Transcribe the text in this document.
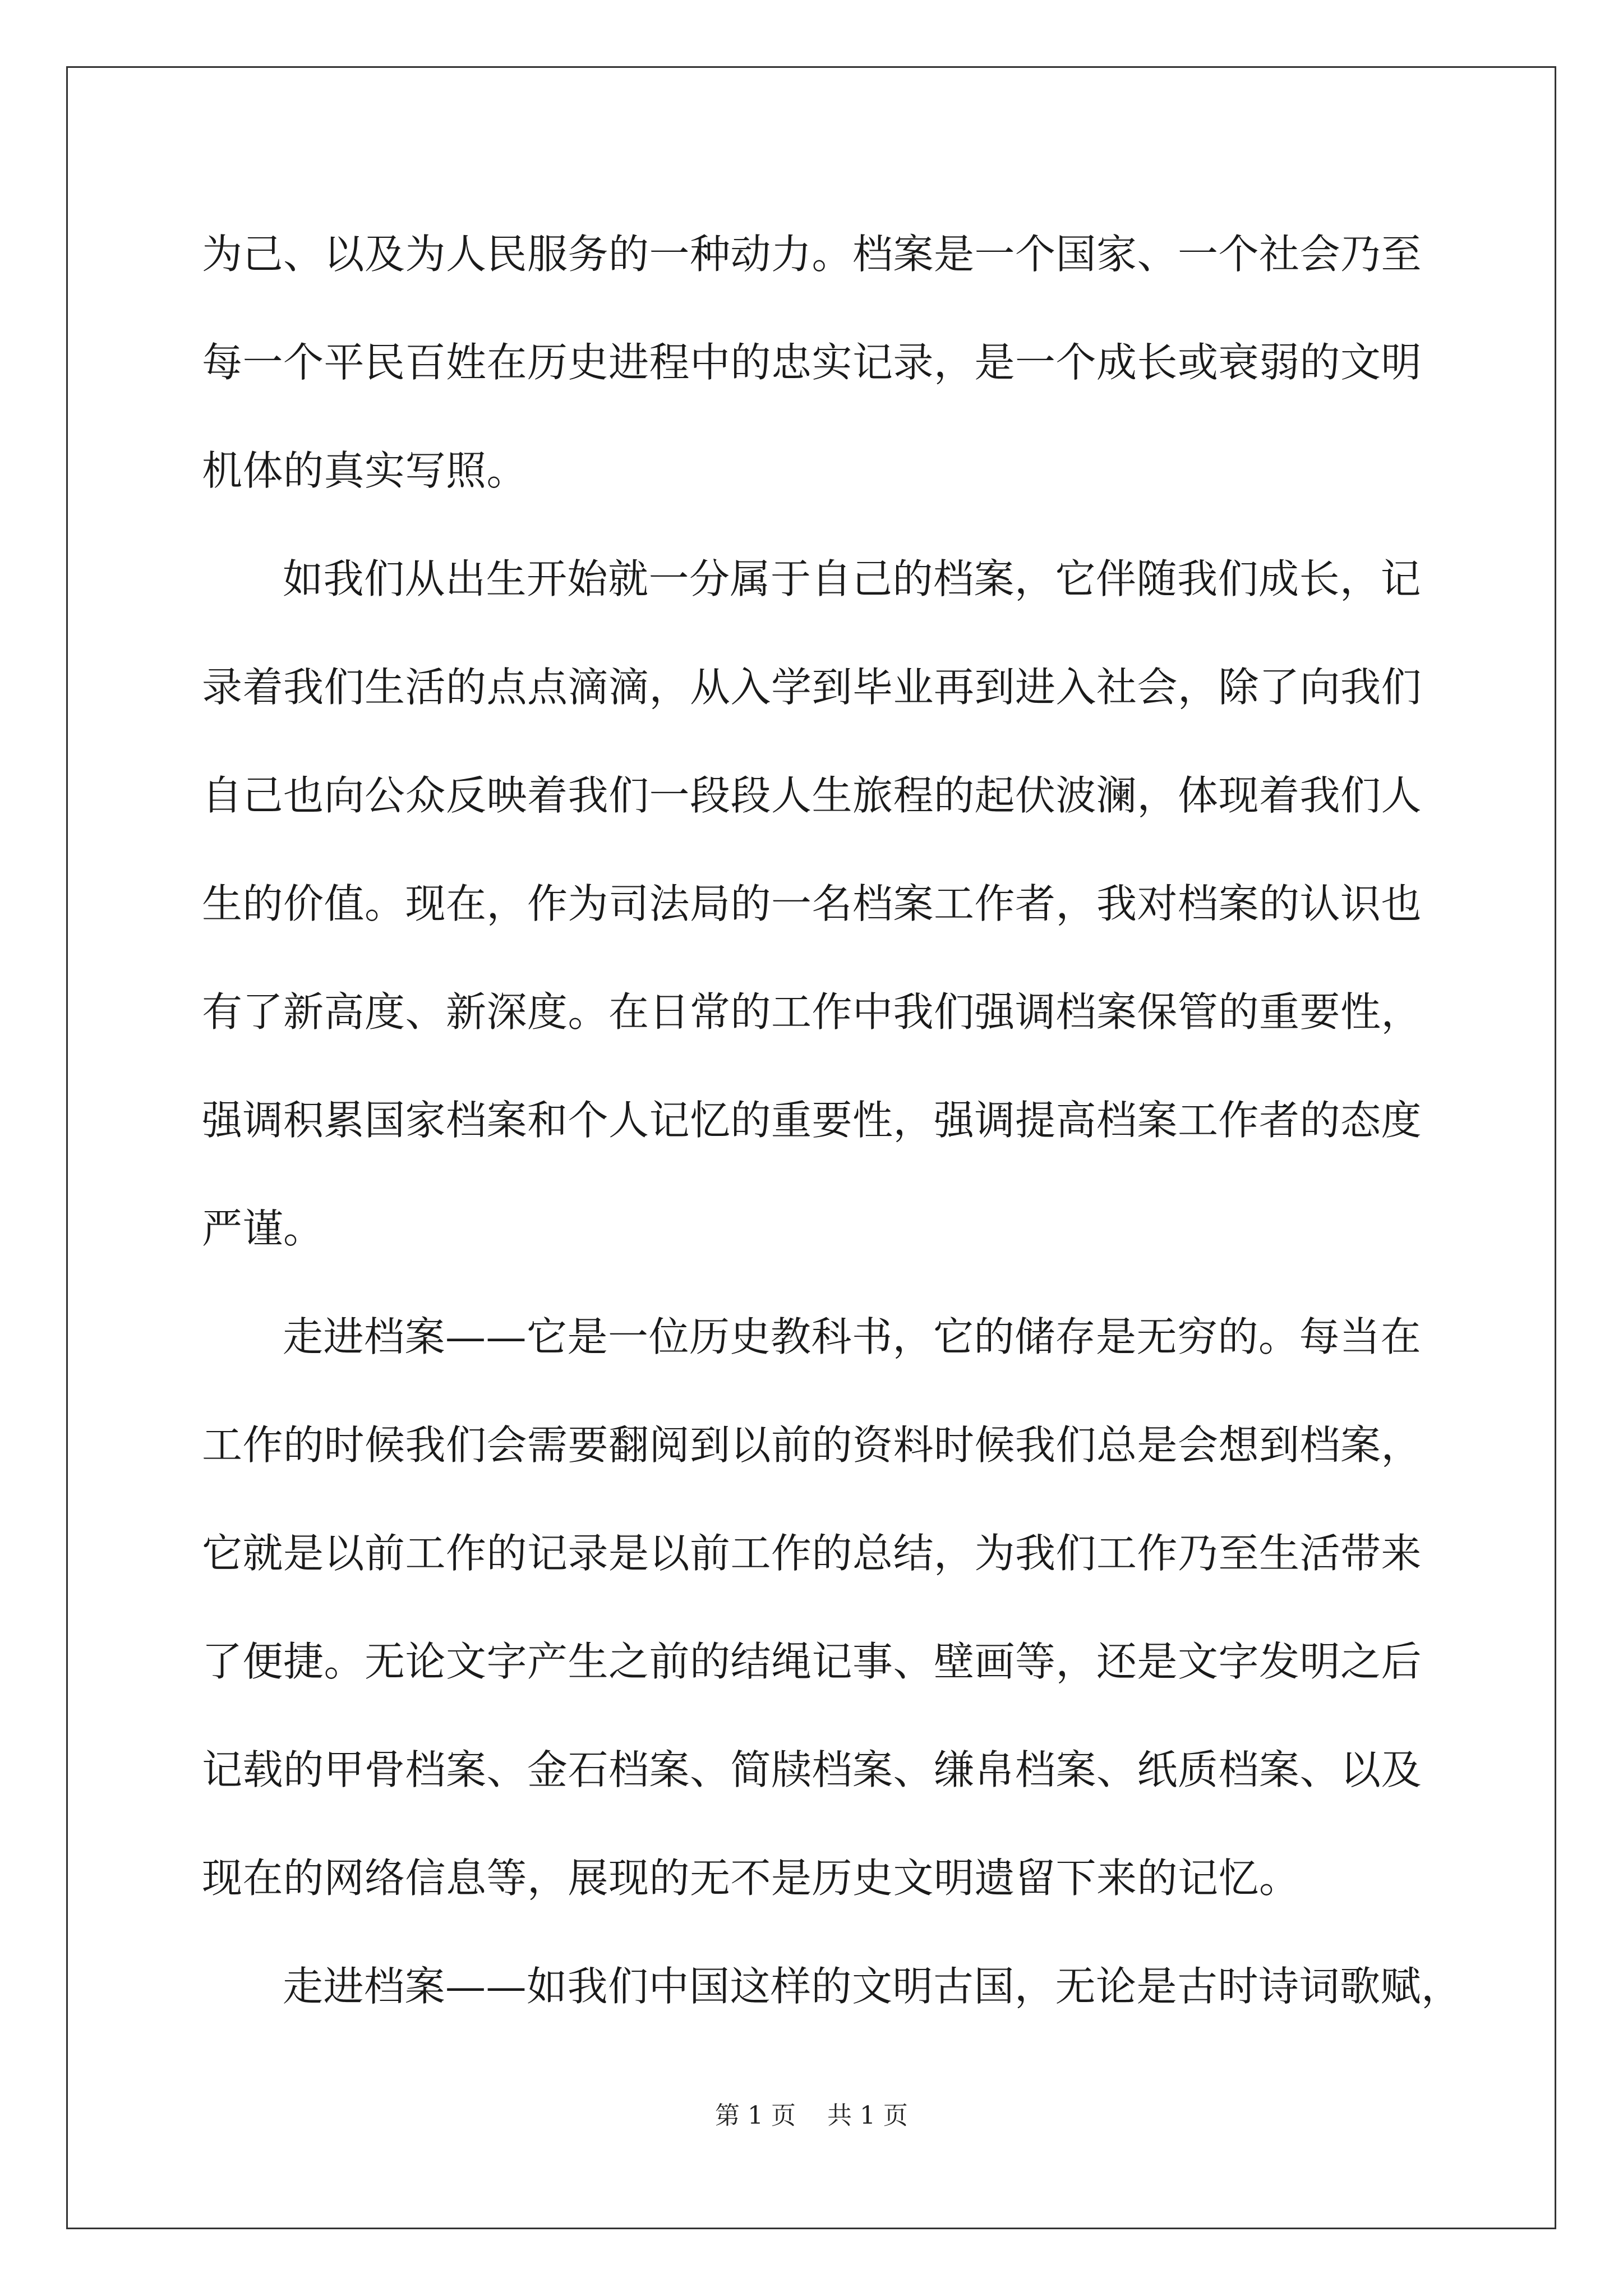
为己、以及为人民服务的一种动力。档案是一个国家、一个社会乃至
每一个平民百姓在历史进程中的忠实记录，是一个成长或衰弱的文明
机体的真实写照。
如我们从出生开始就一分属于自己的档案，它伴随我们成长，记
录着我们生活的点点滴滴，从入学到毕业再到进入社会，除了向我们
自己也向公众反映着我们一段段人生旅程的起伏波澜，体现着我们人
生的价值。现在，作为司法局的一名档案工作者，我对档案的认识也
有了新高度、新深度。在日常的工作中我们强调档案保管的重要性，
强调积累国家档案和个人记忆的重要性，强调提高档案工作者的态度
严谨。
走进档案——它是一位历史教科书，它的储存是无穷的。每当在
工作的时候我们会需要翻阅到以前的资料时候我们总是会想到档案，
它就是以前工作的记录是以前工作的总结，为我们工作乃至生活带来
了便捷。无论文字产生之前的结绳记事、壁画等，还是文字发明之后
记载的甲骨档案、金石档案、简牍档案、缣帛档案、纸质档案、以及
现在的网络信息等，展现的无不是历史文明遗留下来的记忆。
走进档案——如我们中国这样的文明古国，无论是古时诗词歌赋，
第 1 页    共 1 页
